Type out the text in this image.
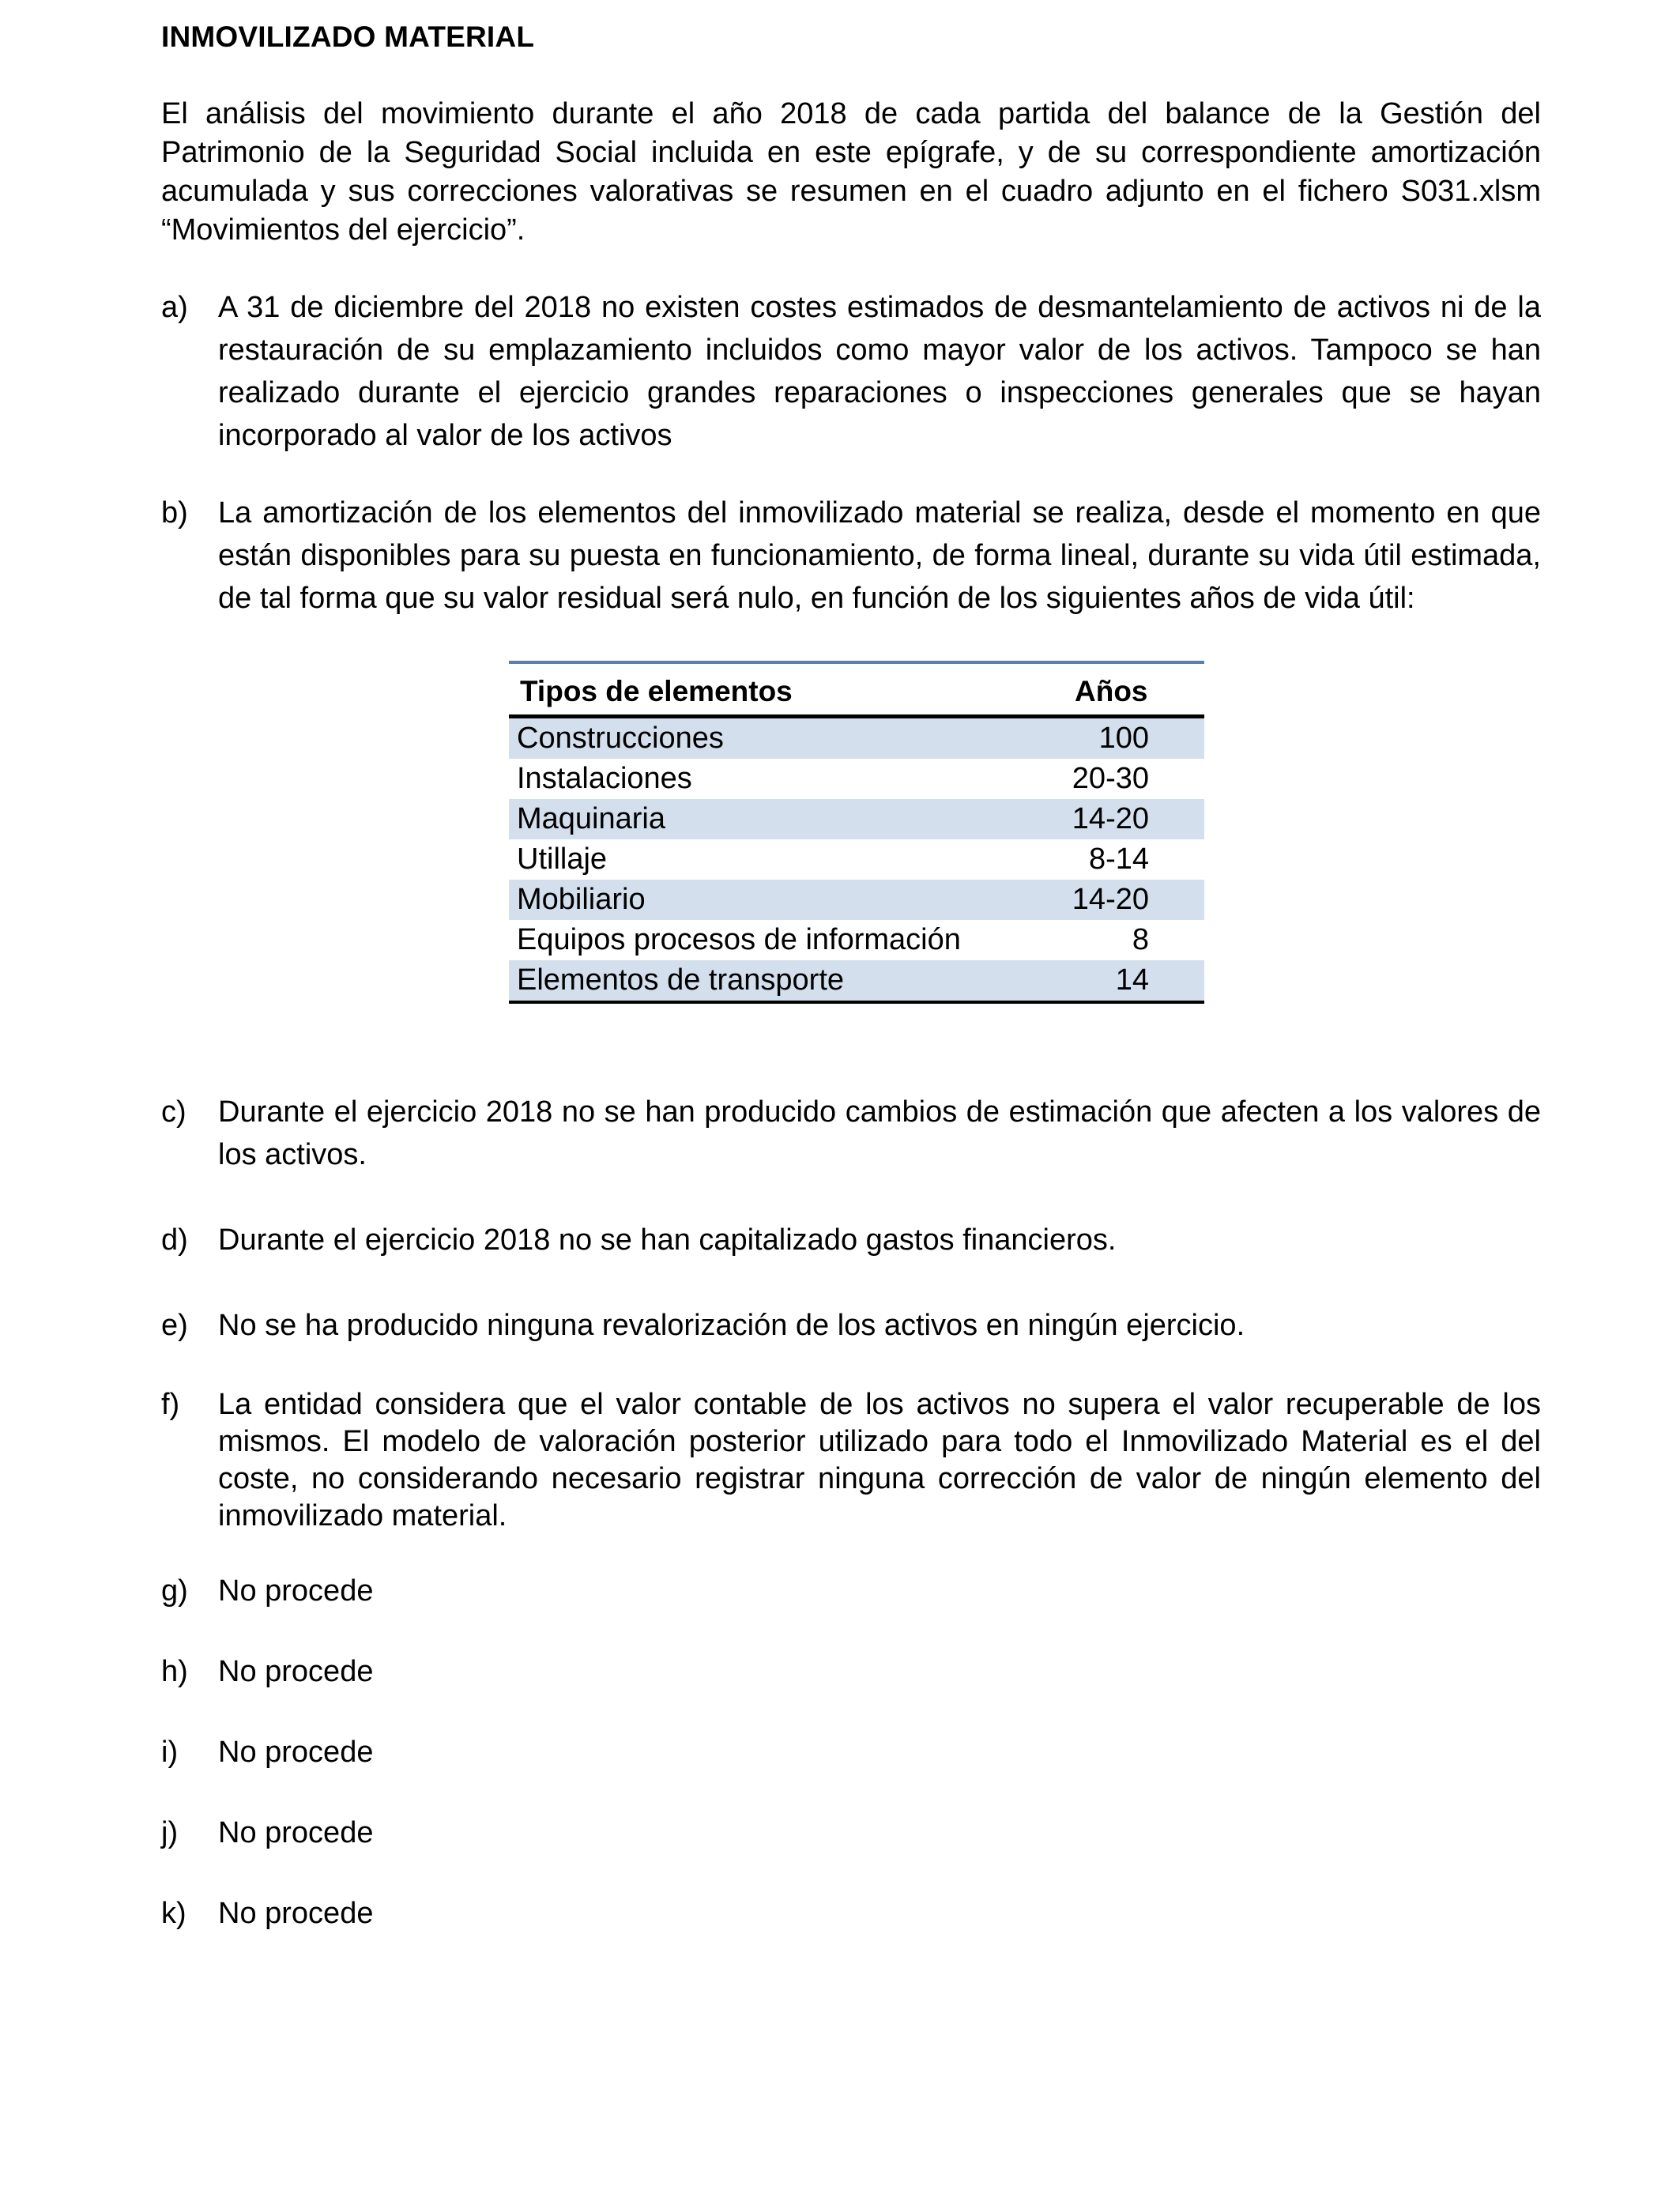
INMOVILIZADO MATERIAL
El análisis del movimiento durante el año 2018 de cada partida del balance de la Gestión del Patrimonio de la Seguridad Social incluida en este epígrafe, y de su correspondiente amortización acumulada y sus correcciones valorativas se resumen en el cuadro adjunto en el fichero S031.xlsm “Movimientos del ejercicio”.
a)	A 31 de diciembre del 2018 no existen costes estimados de desmantelamiento de activos ni de la restauración de su emplazamiento incluidos como mayor valor de los activos. Tampoco se han realizado durante el ejercicio grandes reparaciones o inspecciones generales que se hayan incorporado al valor de los activos
b)	La amortización de los elementos del inmovilizado material se realiza, desde el momento en que están disponibles para su puesta en funcionamiento, de forma lineal, durante su vida útil estimada, de tal forma que su valor residual será nulo, en función de los siguientes años de vida útil:
Tipos de elementos	Años
Construcciones	100
Instalaciones	20-30
Maquinaria	14-20
Utillaje	8-14
Mobiliario	14-20
Equipos procesos de información	8
Elementos de transporte	14
c)	Durante el ejercicio 2018 no se han producido cambios de estimación que afecten a los valores de los activos.
d)	Durante el ejercicio 2018 no se han capitalizado gastos financieros.
e)	No se ha producido ninguna revalorización de los activos en ningún ejercicio.
f)	La entidad considera que el valor contable de los activos no supera el valor recuperable de los mismos. El modelo de valoración posterior utilizado para todo el Inmovilizado Material es el del coste, no considerando necesario registrar ninguna corrección de valor de ningún elemento del inmovilizado material.
g)	No procede
h)	No procede
i)	No procede
j)	No procede
k)	No procede
